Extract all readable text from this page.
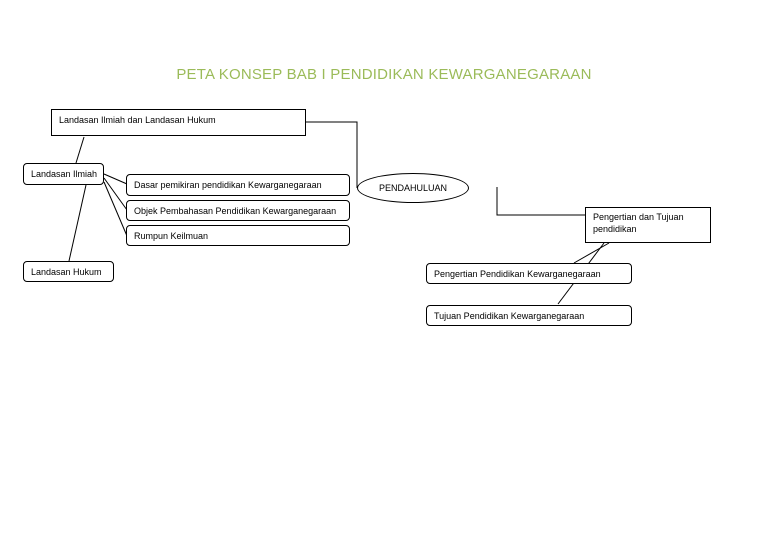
PETA KONSEP BAB I PENDIDIKAN KEWARGANEGARAAN
Landasan Ilmiah dan Landasan Hukum
Landasan Ilmiah
Landasan Hukum
Dasar pemikiran pendidikan Kewarganegaraan
Objek Pembahasan Pendidikan Kewarganegaraan
Rumpun Keilmuan
PENDAHULUAN
Pengertian dan Tujuan pendidikan
Pengertian Pendidikan Kewarganegaraan
Tujuan Pendidikan Kewarganegaraan
